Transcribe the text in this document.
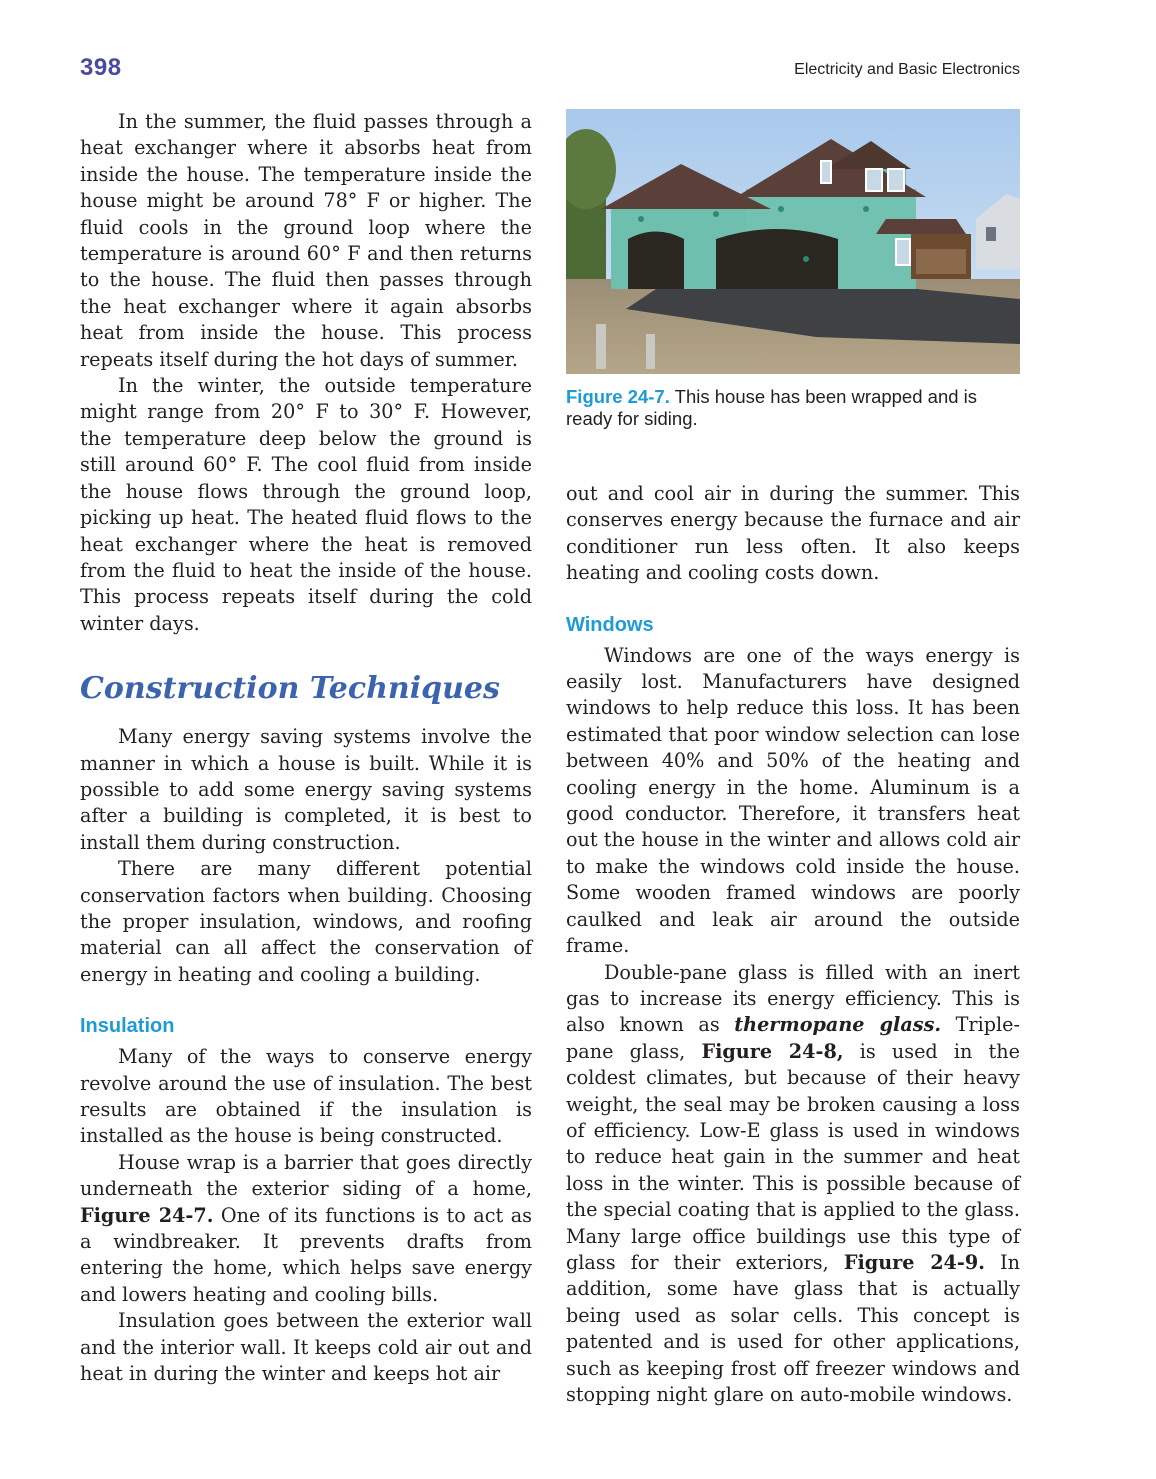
398	Electricity and Basic Electronics

In the summer, the fluid passes through a heat exchanger where it absorbs heat from inside the house. The temperature inside the house might be around 78° F or higher. The fluid cools in the ground loop where the temperature is around 60° F and then returns to the house. The fluid then passes through the heat exchanger where it again absorbs heat from inside the house. This process repeats itself during the hot days of summer.

In the winter, the outside temperature might range from 20° F to 30° F. However, the temperature deep below the ground is still around 60° F. The cool fluid from inside the house flows through the ground loop, picking up heat. The heated fluid flows to the heat exchanger where the heat is removed from the fluid to heat the inside of the house. This process repeats itself during the cold winter days.

Construction Techniques

Many energy saving systems involve the manner in which a house is built. While it is possible to add some energy saving systems after a building is completed, it is best to install them during construction.

There are many different potential conservation factors when building. Choosing the proper insulation, windows, and roofing material can all affect the conservation of energy in heating and cooling a building.

Insulation

Many of the ways to conserve energy revolve around the use of insulation. The best results are obtained if the insulation is installed as the house is being constructed.

House wrap is a barrier that goes directly underneath the exterior siding of a home, Figure 24-7. One of its functions is to act as a windbreaker. It prevents drafts from entering the home, which helps save energy and lowers heating and cooling bills.

Insulation goes between the exterior wall and the interior wall. It keeps cold air out and heat in during the winter and keeps hot air

Figure 24-7. This house has been wrapped and is ready for siding.

out and cool air in during the summer. This conserves energy because the furnace and air conditioner run less often. It also keeps heating and cooling costs down.

Windows

Windows are one of the ways energy is easily lost. Manufacturers have designed windows to help reduce this loss. It has been estimated that poor window selection can lose between 40% and 50% of the heating and cooling energy in the home. Aluminum is a good conductor. Therefore, it transfers heat out the house in the winter and allows cold air to make the windows cold inside the house. Some wooden framed windows are poorly caulked and leak air around the outside frame.

Double-pane glass is filled with an inert gas to increase its energy efficiency. This is also known as thermopane glass. Triple-pane glass, Figure 24-8, is used in the coldest climates, but because of their heavy weight, the seal may be broken causing a loss of efficiency. Low-E glass is used in windows to reduce heat gain in the summer and heat loss in the winter. This is possible because of the special coating that is applied to the glass. Many large office buildings use this type of glass for their exteriors, Figure 24-9. In addition, some have glass that is actually being used as solar cells. This concept is patented and is used for other applications, such as keeping frost off freezer windows and stopping night glare on auto-mobile windows.
